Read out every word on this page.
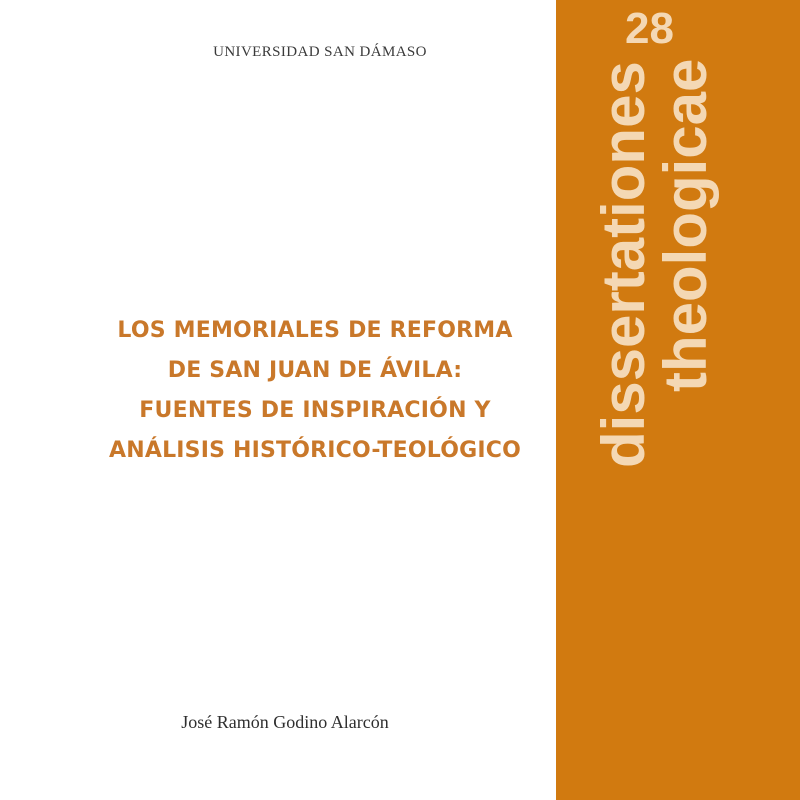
UNIVERSIDAD SAN DÁMASO
LOS MEMORIALES DE REFORMA
DE SAN JUAN DE ÁVILA:
FUENTES DE INSPIRACIÓN Y
ANÁLISIS HISTÓRICO-TEOLÓGICO
José Ramón Godino Alarcón
28
dissertationes
theologicae
